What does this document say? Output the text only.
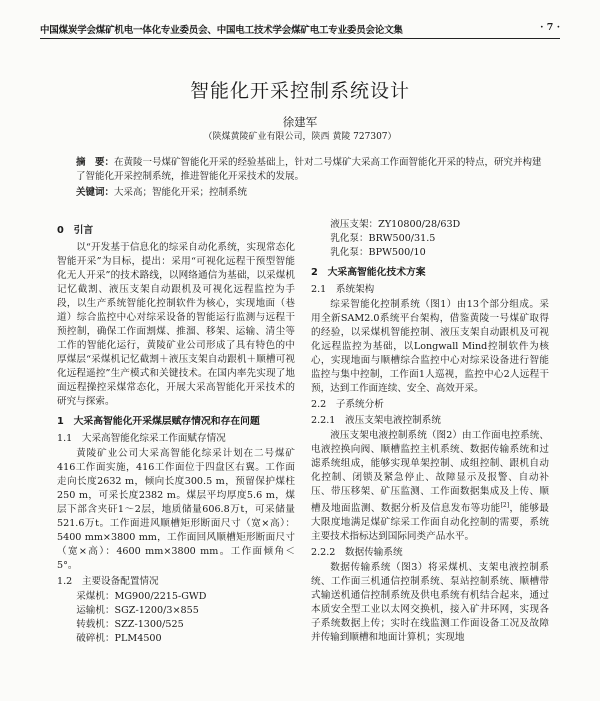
中国煤炭学会煤矿机电一体化专业委员会、中国电工技术学会煤矿电工专业委员会论文集	· 7 ·
智能化开采控制系统设计
徐建军
（陕煤黄陵矿业有限公司，陕西 黄陵 727307）
摘　要：在黄陵一号煤矿智能化开采的经验基础上，针对二号煤矿大采高工作面智能化开采的特点，研究并构建了智能化开采控制系统，推进智能化开采技术的发展。
关键词：大采高；智能化开采；控制系统
0　引言

以“开发基于信息化的综采自动化系统，实现常态化智能开采”为目标，提出：采用“可视化远程干预型智能化无人开采”的技术路线，以网络通信为基础，以采煤机记忆截割、液压支架自动跟机及可视化远程监控为手段，以生产系统智能化控制软件为核心，实现地面（巷道）综合监控中心对综采设备的智能运行监测与远程干预控制，确保工作面割煤、推溜、移架、运输、清尘等工作的智能化运行，黄陵矿业公司形成了具有特色的中厚煤层“采煤机记忆截割＋液压支架自动跟机＋顺槽可视化远程遥控”生产模式和关键技术。在国内率先实现了地面远程操控采煤常态化，开展大采高智能化开采技术的研究与探索。

1　大采高智能化开采煤层赋存情况和存在问题
1.1　大采高智能化综采工作面赋存情况

黄陵矿业公司大采高智能化综采计划在二号煤矿416工作面实施，416工作面位于四盘区右翼。工作面走向长度2632 m，倾向长度300.5 m，预留保护煤柱250 m，可采长度2382 m。煤层平均厚度5.6 m，煤层下部含夹矸1～2层，地质储量606.8万t，可采储量521.6万t。工作面进风顺槽矩形断面尺寸（宽×高）：5400 mm×3800 mm，工作面回风顺槽矩形断面尺寸（宽×高）：4600 mm×3800 mm。工作面倾角＜5°。

1.2　主要设备配置情况
采煤机：MG900/2215-GWD
运输机：SGZ-1200/3×855
转载机：SZZ-1300/525
破碎机：PLM4500
液压支架：ZY10800/28/63D
乳化泵：BRW500/31.5
乳化泵：BPW500/10
2　大采高智能化技术方案
2.1　系统架构

综采智能化控制系统（图1）由13个部分组成。采用全新SAM2.0系统平台架构，借鉴黄陵一号煤矿取得的经验，以采煤机智能控制、液压支架自动跟机及可视化远程监控为基础，以Longwall Mind控制软件为核心，实现地面与顺槽综合监控中心对综采设备进行智能监控与集中控制，工作面1人巡视，监控中心2人远程干预，达到工作面连续、安全、高效开采。

2.2　子系统分析
2.2.1　液压支架电液控制系统

液压支架电液控制系统（图2）由工作面电控系统、电液控换向阀、顺槽监控主机系统、数据传输系统和过滤系统组成，能够实现单架控制、成组控制、跟机自动化控制、闭锁及紧急停止、故障显示及报警、自动补压、带压移架、矿压监测、工作面数据集成及上传、顺槽及地面监测、数据分析及信息发布等功能[2]，能够最大限度地满足煤矿综采工作面自动化控制的需要，系统主要技术指标达到国际同类产品水平。

2.2.2　数据传输系统

数据传输系统（图3）将采煤机、支架电液控制系统、工作面三机通信控制系统、泵站控制系统、顺槽带式输送机通信控制系统及供电系统有机结合起来，通过本质安全型工业以太网交换机，接入矿井环网，实现各子系统数据上传；实时在线监测工作面设备工况及故障并传输到顺槽和地面计算机；实现地
